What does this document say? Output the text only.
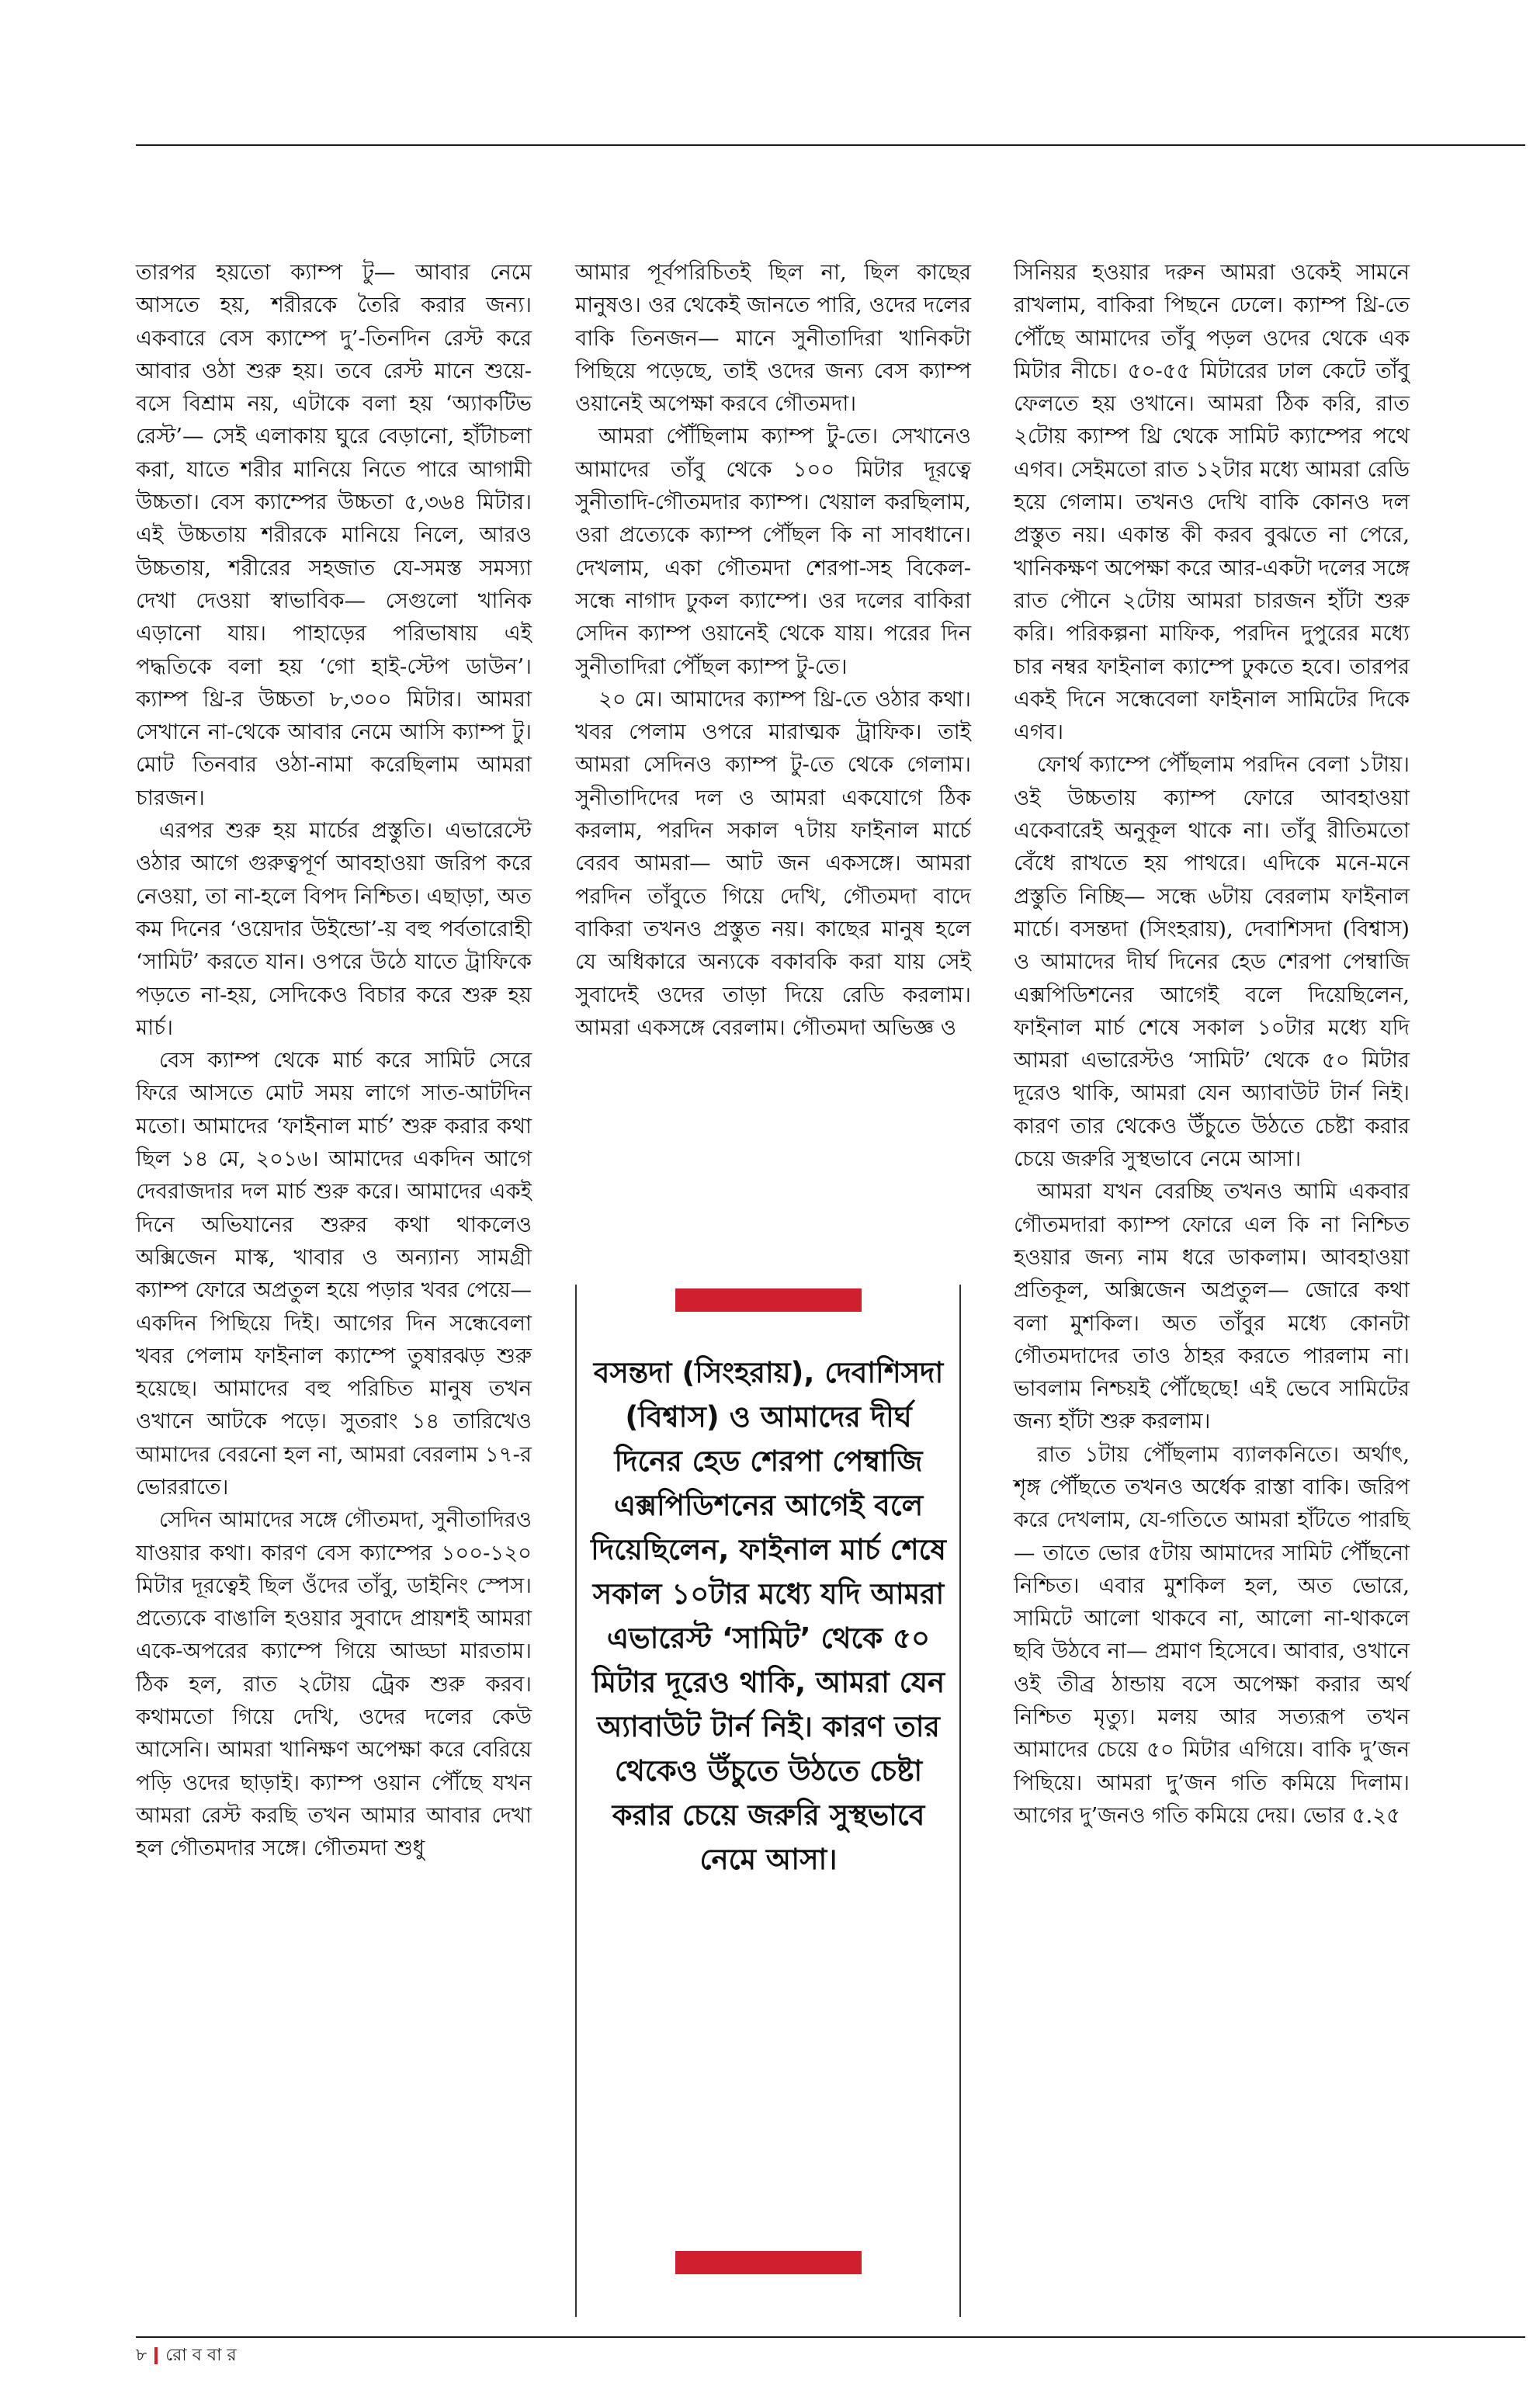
তারপর হয়তো ক্যাম্প টু— আবার নেমে আসতে হয়, শরীরকে তৈরি করার জন্য। একবারে বেস ক্যাম্পে দু’-তিনদিন রেস্ট করে আবার ওঠা শুরু হয়। তবে রেস্ট মানে শুয়ে-বসে বিশ্রাম নয়, এটাকে বলা হয় ‘অ্যাকটিভ রেস্ট’— সেই এলাকায় ঘুরে বেড়ানো, হাঁটাচলা করা, যাতে শরীর মানিয়ে নিতে পারে আগামী উচ্চতা। বেস ক্যাম্পের উচ্চতা ৫,৩৬৪ মিটার। এই উচ্চতায় শরীরকে মানিয়ে নিলে, আরও উচ্চতায়, শরীরের সহজাত যে-সমস্ত সমস্যা দেখা দেওয়া স্বাভাবিক— সেগুলো খানিক এড়ানো যায়। পাহাড়ের পরিভাষায় এই পদ্ধতিকে বলা হয় ‘গো হাই-স্টেপ ডাউন’। ক্যাম্প থ্রি-র উচ্চতা ৮,৩০০ মিটার। আমরা সেখানে না-থেকে আবার নেমে আসি ক্যাম্প টু। মোট তিনবার ওঠা-নামা করেছিলাম আমরা চারজন।

এরপর শুরু হয় মার্চের প্রস্তুতি। এভারেস্টে ওঠার আগে গুরুত্বপূর্ণ আবহাওয়া জরিপ করে নেওয়া, তা না-হলে বিপদ নিশ্চিত। এছাড়া, অত কম দিনের ‘ওয়েদার উইন্ডো’-য় বহু পর্বতারোহী ‘সামিট’ করতে যান। ওপরে উঠে যাতে ট্রাফিকে পড়তে না-হয়, সেদিকেও বিচার করে শুরু হয় মার্চ।

বেস ক্যাম্প থেকে মার্চ করে সামিট সেরে ফিরে আসতে মোট সময় লাগে সাত-আটদিন মতো। আমাদের ‘ফাইনাল মার্চ’ শুরু করার কথা ছিল ১৪ মে, ২০১৬। আমাদের একদিন আগে দেবরাজদার দল মার্চ শুরু করে। আমাদের একই দিনে অভিযানের শুরুর কথা থাকলেও অক্সিজেন মাস্ক, খাবার ও অন্যান্য সামগ্রী ক্যাম্প ফোরে অপ্রতুল হয়ে পড়ার খবর পেয়ে— একদিন পিছিয়ে দিই। আগের দিন সন্ধেবেলা খবর পেলাম ফাইনাল ক্যাম্পে তুষারঝড় শুরু হয়েছে। আমাদের বহু পরিচিত মানুষ তখন ওখানে আটকে পড়ে। সুতরাং ১৪ তারিখেও আমাদের বেরনো হল না, আমরা বেরলাম ১৭-র ভোররাতে।

সেদিন আমাদের সঙ্গে গৌতমদা, সুনীতাদিরও যাওয়ার কথা। কারণ বেস ক্যাম্পের ১০০-১২০ মিটার দূরত্বেই ছিল ওঁদের তাঁবু, ডাইনিং স্পেস। প্রত্যেকে বাঙালি হওয়ার সুবাদে প্রায়শই আমরা একে-অপরের ক্যাম্পে গিয়ে আড্ডা মারতাম। ঠিক হল, রাত ২টোয় ট্রেক শুরু করব। কথামতো গিয়ে দেখি, ওদের দলের কেউ আসেনি। আমরা খানিক্ষণ অপেক্ষা করে বেরিয়ে পড়ি ওদের ছাড়াই। ক্যাম্প ওয়ান পৌঁছে যখন আমরা রেস্ট করছি তখন আমার আবার দেখা হল গৌতমদার সঙ্গে। গৌতমদা শুধু

আমার পূর্বপরিচিতই ছিল না, ছিল কাছের মানুষও। ওর থেকেই জানতে পারি, ওদের দলের বাকি তিনজন— মানে সুনীতাদিরা খানিকটা পিছিয়ে পড়েছে, তাই ওদের জন্য বেস ক্যাম্প ওয়ানেই অপেক্ষা করবে গৌতমদা।

আমরা পৌঁছিলাম ক্যাম্প টু-তে। সেখানেও আমাদের তাঁবু থেকে ১০০ মিটার দূরত্বে সুনীতাদি-গৌতমদার ক্যাম্প। খেয়াল করছিলাম, ওরা প্রত্যেকে ক্যাম্প পৌঁছল কি না সাবধানে। দেখলাম, একা গৌতমদা শেরপা-সহ বিকেল-সন্ধে নাগাদ ঢুকল ক্যাম্পে। ওর দলের বাকিরা সেদিন ক্যাম্প ওয়ানেই থেকে যায়। পরের দিন সুনীতাদিরা পৌঁছল ক্যাম্প টু-তে।

২০ মে। আমাদের ক্যাম্প থ্রি-তে ওঠার কথা। খবর পেলাম ওপরে মারাত্মক ট্রাফিক। তাই আমরা সেদিনও ক্যাম্প টু-তে থেকে গেলাম। সুনীতাদিদের দল ও আমরা একযোগে ঠিক করলাম, পরদিন সকাল ৭টায় ফাইনাল মার্চে বেরব আমরা— আট জন একসঙ্গে। আমরা পরদিন তাঁবুতে গিয়ে দেখি, গৌতমদা বাদে বাকিরা তখনও প্রস্তুত নয়। কাছের মানুষ হলে যে অধিকারে অন্যকে বকাবকি করা যায় সেই সুবাদেই ওদের তাড়া দিয়ে রেডি করলাম। আমরা একসঙ্গে বেরলাম। গৌতমদা অভিজ্ঞ ও

বসন্তদা (সিংহরায়), দেবাশিসদা (বিশ্বাস) ও আমাদের দীর্ঘ দিনের হেড শেরপা পেম্বাজি এক্সপিডিশনের আগেই বলে দিয়েছিলেন, ফাইনাল মার্চ শেষে সকাল ১০টার মধ্যে যদি আমরা এভারেস্ট ‘সামিট’ থেকে ৫০ মিটার দূরেও থাকি, আমরা যেন অ্যাবাউট টার্ন নিই। কারণ তার থেকেও উঁচুতে উঠতে চেষ্টা করার চেয়ে জরুরি সুস্থভাবে নেমে আসা।

সিনিয়র হওয়ার দরুন আমরা ওকেই সামনে রাখলাম, বাকিরা পিছনে ঢেলে। ক্যাম্প থ্রি-তে পৌঁছে আমাদের তাঁবু পড়ল ওদের থেকে এক মিটার নীচে। ৫০-৫৫ মিটারের ঢাল কেটে তাঁবু ফেলতে হয় ওখানে। আমরা ঠিক করি, রাত ২টোয় ক্যাম্প থ্রি থেকে সামিট ক্যাম্পের পথে এগব। সেইমতো রাত ১২টার মধ্যে আমরা রেডি হয়ে গেলাম। তখনও দেখি বাকি কোনও দল প্রস্তুত নয়। একান্ত কী করব বুঝতে না পেরে, খানিকক্ষণ অপেক্ষা করে আর-একটা দলের সঙ্গে রাত পৌনে ২টোয় আমরা চারজন হাঁটা শুরু করি। পরিকল্পনা মাফিক, পরদিন দুপুরের মধ্যে চার নম্বর ফাইনাল ক্যাম্পে ঢুকতে হবে। তারপর একই দিনে সন্ধেবেলা ফাইনাল সামিটের দিকে এগব।

ফোর্থ ক্যাম্পে পৌঁছলাম পরদিন বেলা ১টায়। ওই উচ্চতায় ক্যাম্প ফোরে আবহাওয়া একেবারেই অনুকূল থাকে না। তাঁবু রীতিমতো বেঁধে রাখতে হয় পাথরে। এদিকে মনে-মনে প্রস্তুতি নিচ্ছি— সন্ধে ৬টায় বেরলাম ফাইনাল মার্চে। বসন্তদা (সিংহরায়), দেবাশিসদা (বিশ্বাস) ও আমাদের দীর্ঘ দিনের হেড শেরপা পেম্বাজি এক্সপিডিশনের আগেই বলে দিয়েছিলেন, ফাইনাল মার্চ শেষে সকাল ১০টার মধ্যে যদি আমরা এভারেস্টও ‘সামিট’ থেকে ৫০ মিটার দূরেও থাকি, আমরা যেন অ্যাবাউট টার্ন নিই। কারণ তার থেকেও উঁচুতে উঠতে চেষ্টা করার চেয়ে জরুরি সুস্থভাবে নেমে আসা।

আমরা যখন বেরচ্ছি তখনও আমি একবার গৌতমদারা ক্যাম্প ফোরে এল কি না নিশ্চিত হওয়ার জন্য নাম ধরে ডাকলাম। আবহাওয়া প্রতিকূল, অক্সিজেন অপ্রতুল— জোরে কথা বলা মুশকিল। অত তাঁবুর মধ্যে কোনটা গৌতমদাদের তাও ঠাহর করতে পারলাম না। ভাবলাম নিশ্চয়ই পৌঁছেছে! এই ভেবে সামিটের জন্য হাঁটা শুরু করলাম।

রাত ১টায় পৌঁছলাম ব্যালকনিতে। অর্থাৎ, শৃঙ্গ পৌঁছতে তখনও অর্ধেক রাস্তা বাকি। জরিপ করে দেখলাম, যে-গতিতে আমরা হাঁটতে পারছি— তাতে ভোর ৫টায় আমাদের সামিট পৌঁছনো নিশ্চিত। এবার মুশকিল হল, অত ভোরে, সামিটে আলো থাকবে না, আলো না-থাকলে ছবি উঠবে না— প্রমাণ হিসেবে। আবার, ওখানে ওই তীব্র ঠান্ডায় বসে অপেক্ষা করার অর্থ নিশ্চিত মৃত্যু। মলয় আর সত্যরূপ তখন আমাদের চেয়ে ৫০ মিটার এগিয়ে। বাকি দু’জন পিছিয়ে। আমরা দু’জন গতি কমিয়ে দিলাম। আগের দু’জনও গতি কমিয়ে দেয়। ভোর ৫.২৫

৮ রো ব বা র
